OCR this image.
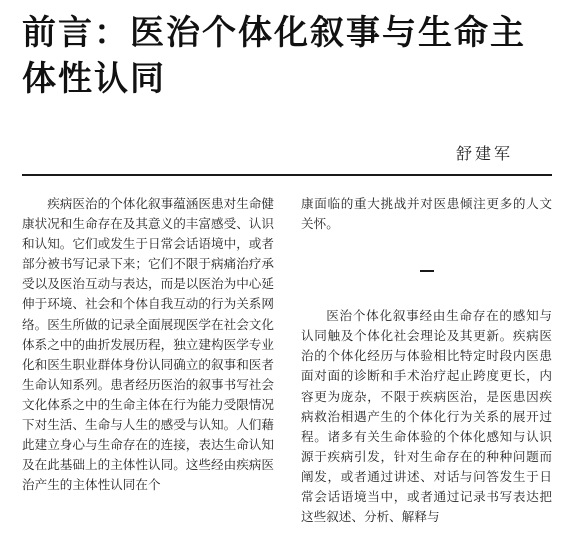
前言：医治个体化叙事与生命主体性认同
舒建军

疾病医治的个体化叙事蕴涵医患对生命健康状况和生命存在及其意义的丰富感受、认识和认知。它们或发生于日常会话语境中，或者部分被书写记录下来；它们不限于病痛治疗承受以及医治互动与表达，而是以医治为中心延伸于环境、社会和个体自我互动的行为关系网络。医生所做的记录全面展现医学在社会文化体系之中的曲折发展历程，独立建构医学专业化和医生职业群体身份认同确立的叙事和医者生命认知系列。患者经历医治的叙事书写社会文化体系之中的生命主体在行为能力受限情况下对生活、生命与人生的感受与认知。人们藉此建立身心与生命存在的连接，表达生命认知及在此基础上的主体性认同。这些经由疾病医治产生的主体性认同在个

康面临的重大挑战并对医患倾注更多的人文关怀。

医治个体化叙事经由生命存在的感知与认同触及个体化社会理论及其更新。疾病医治的个体化经历与体验相比特定时段内医患面对面的诊断和手术治疗起止跨度更长，内容更为庞杂，不限于疾病医治，是医患因疾病救治相遇产生的个体化行为关系的展开过程。诸多有关生命体验的个体化感知与认识源于疾病引发，针对生命存在的种种问题而阐发，或者通过讲述、对话与问答发生于日常会话语境当中，或者通过记录书写表达把这些叙述、分析、解释与
